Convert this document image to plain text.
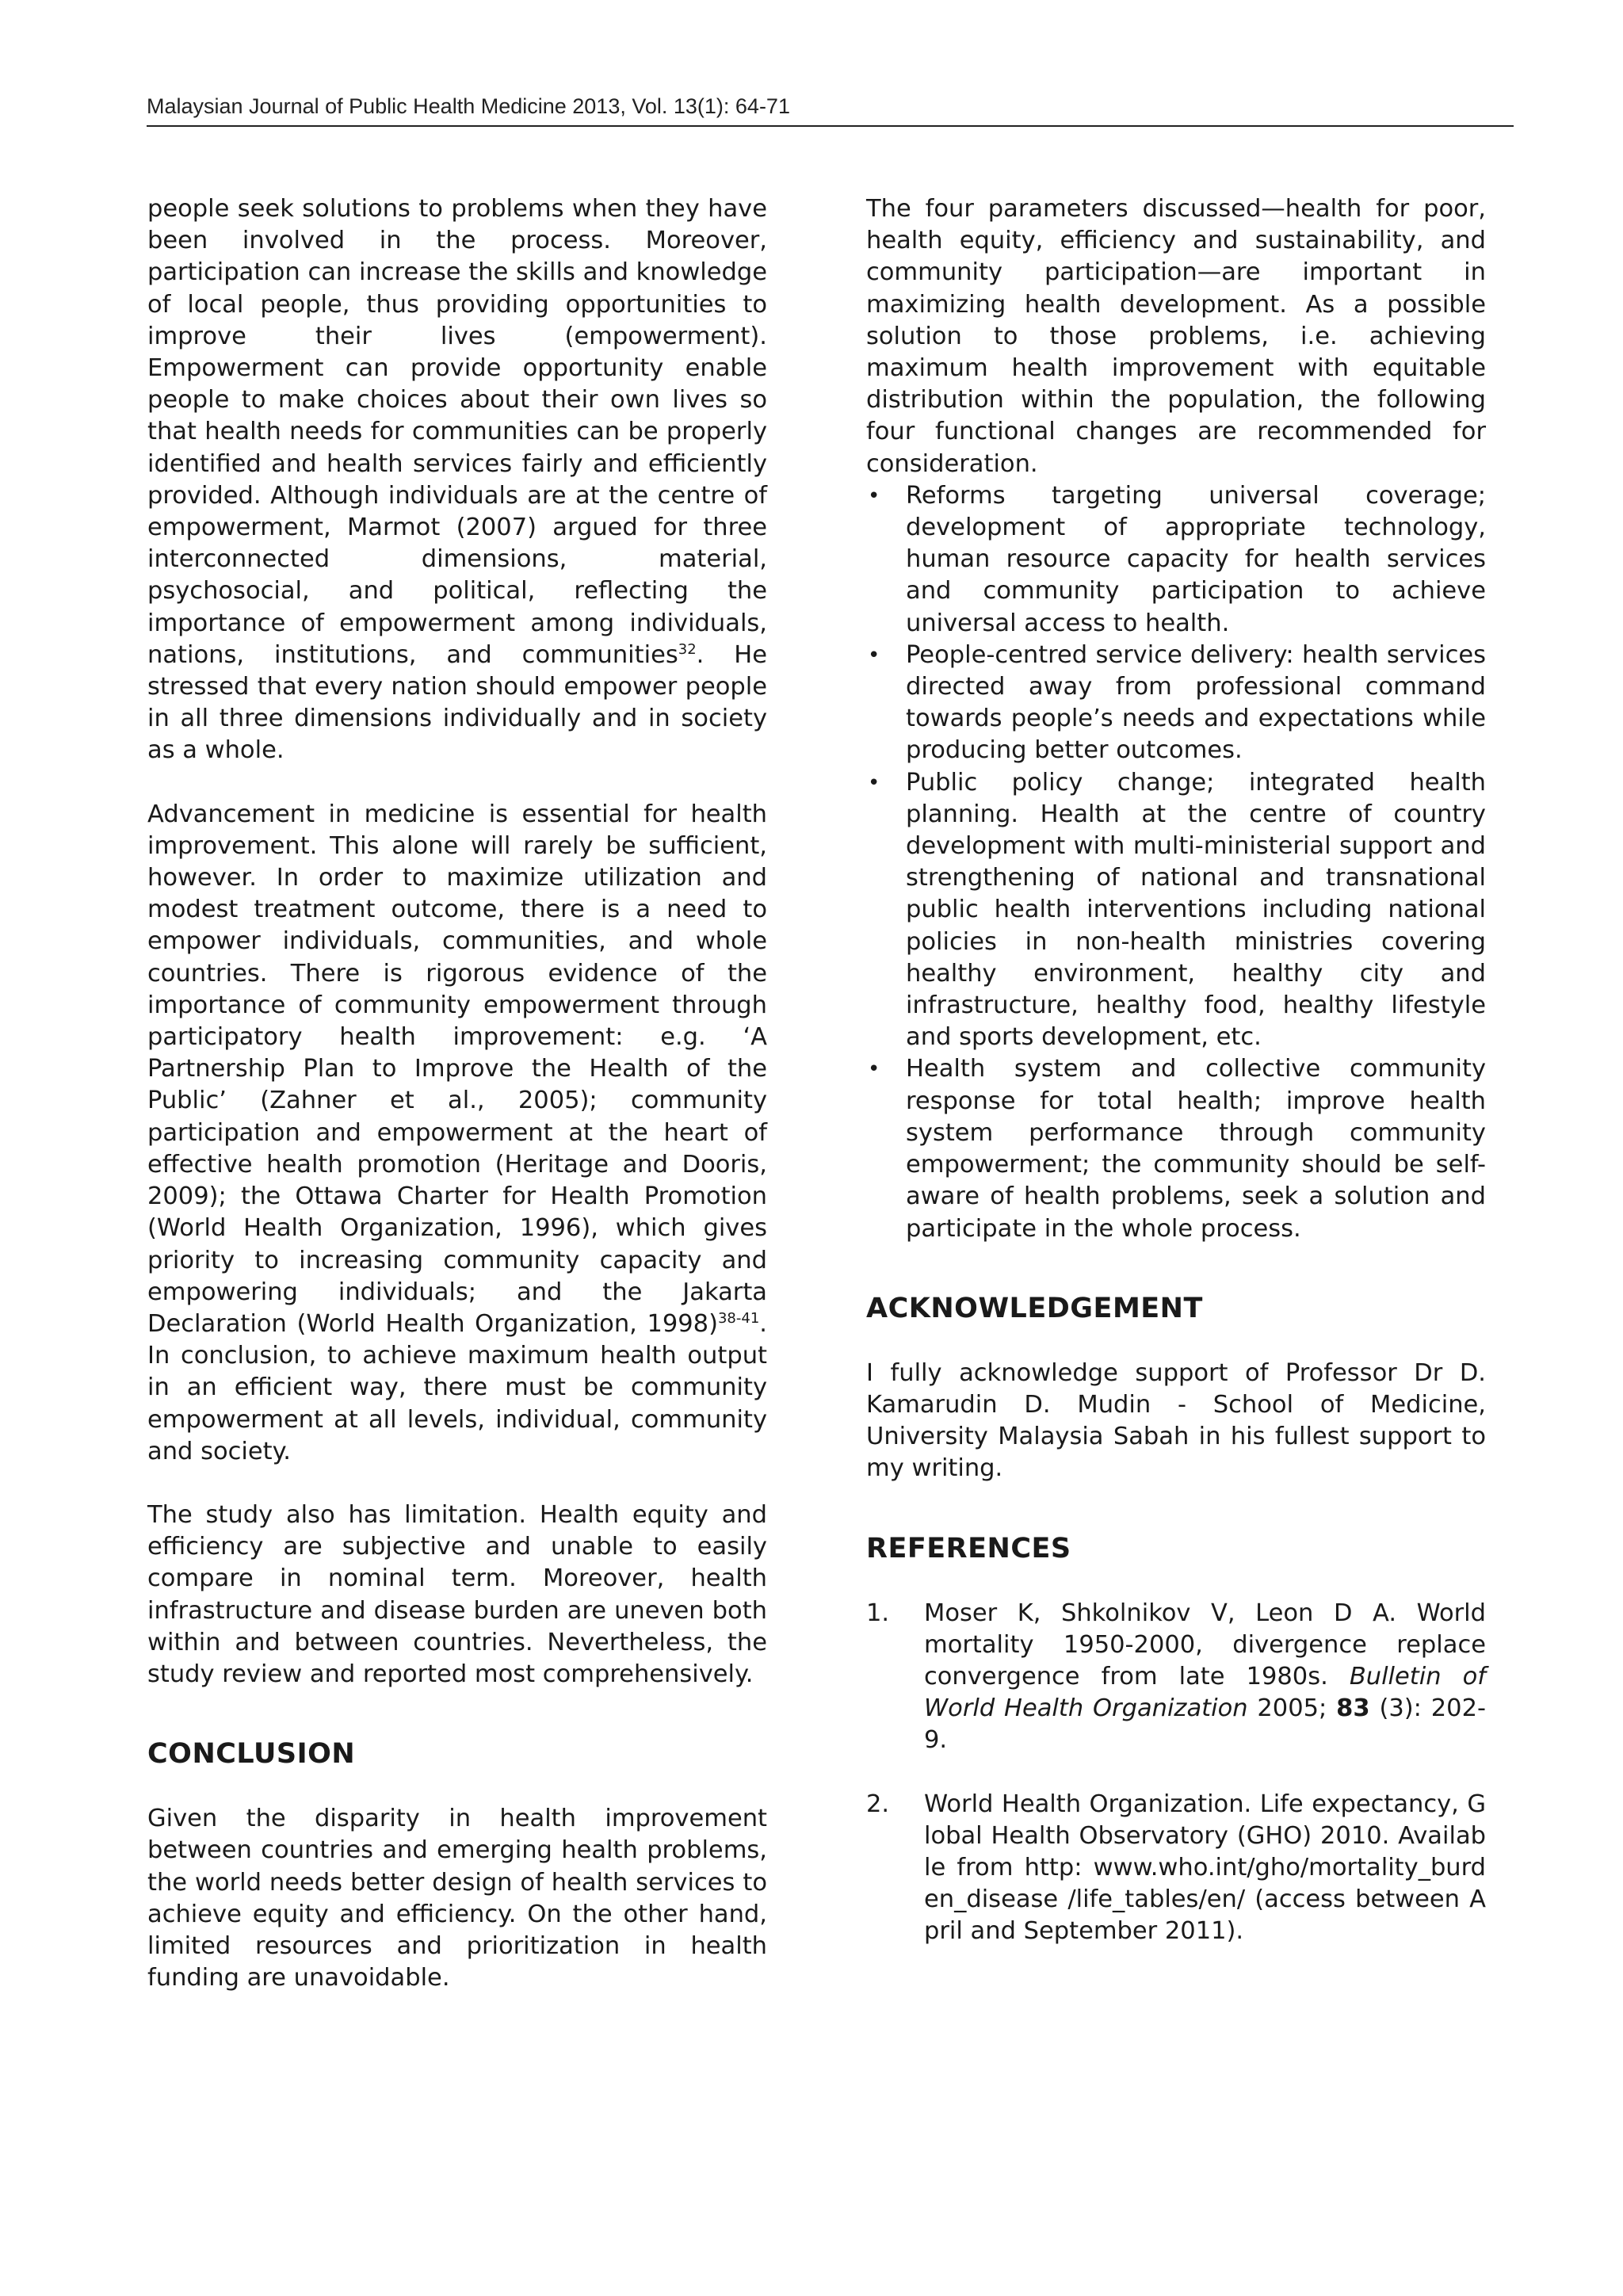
Malaysian Journal of Public Health Medicine 2013, Vol. 13(1): 64-71

people seek solutions to problems when they have been involved in the process. Moreover, participation can increase the skills and knowledge of local people, thus providing opportunities to improve their lives (empowerment). Empowerment can provide opportunity enable people to make choices about their own lives so that health needs for communities can be properly identified and health services fairly and efficiently provided. Although individuals are at the centre of empowerment, Marmot (2007) argued for three interconnected dimensions, material, psychosocial, and political, reflecting the importance of empowerment among individuals, nations, institutions, and communities$^{32}$. He stressed that every nation should empower people in all three dimensions individually and in society as a whole.

Advancement in medicine is essential for health improvement. This alone will rarely be sufficient, however. In order to maximize utilization and modest treatment outcome, there is a need to empower individuals, communities, and whole countries. There is rigorous evidence of the importance of community empowerment through participatory health improvement: e.g. ‘A Partnership Plan to Improve the Health of the Public’ (Zahner et al., 2005); community participation and empowerment at the heart of effective health promotion (Heritage and Dooris, 2009); the Ottawa Charter for Health Promotion (World Health Organization, 1996), which gives priority to increasing community capacity and empowering individuals; and the Jakarta Declaration (World Health Organization, 1998)$^{38-41}$. In conclusion, to achieve maximum health output in an efficient way, there must be community empowerment at all levels, individual, community and society.

The study also has limitation. Health equity and efficiency are subjective and unable to easily compare in nominal term. Moreover, health infrastructure and disease burden are uneven both within and between countries. Nevertheless, the study review and reported most comprehensively.

CONCLUSION

Given the disparity in health improvement between countries and emerging health problems, the world needs better design of health services to achieve equity and efficiency. On the other hand, limited resources and prioritization in health funding are unavoidable.

The four parameters discussed—health for poor, health equity, efficiency and sustainability, and community participation—are important in maximizing health development. As a possible solution to those problems, i.e. achieving maximum health improvement with equitable distribution within the population, the following four functional changes are recommended for consideration.

• Reforms targeting universal coverage; development of appropriate technology, human resource capacity for health services and community participation to achieve universal access to health.
• People-centred service delivery: health services directed away from professional command towards people’s needs and expectations while producing better outcomes.
• Public policy change; integrated health planning. Health at the centre of country development with multi-ministerial support and strengthening of national and transnational public health interventions including national policies in non-health ministries covering healthy environment, healthy city and infrastructure, healthy food, healthy lifestyle and sports development, etc.
• Health system and collective community response for total health; improve health system performance through community empowerment; the community should be self-aware of health problems, seek a solution and participate in the whole process.
ACKNOWLEDGEMENT

I fully acknowledge support of Professor Dr D. Kamarudin D. Mudin - School of Medicine, University Malaysia Sabah in his fullest support to my writing.

REFERENCES
1. Moser K, Shkolnikov V, Leon D A. World mortality 1950-2000, divergence replace convergence from late 1980s. Bulletin of World Health Organization 2005; 83 (3): 202-9.
2. World Health Organization. Life expectancy, Global Health Observatory (GHO) 2010. Available from http: www.who.int/gho/mortality_burden_disease /life_tables/en/ (access between April and September 2011).
